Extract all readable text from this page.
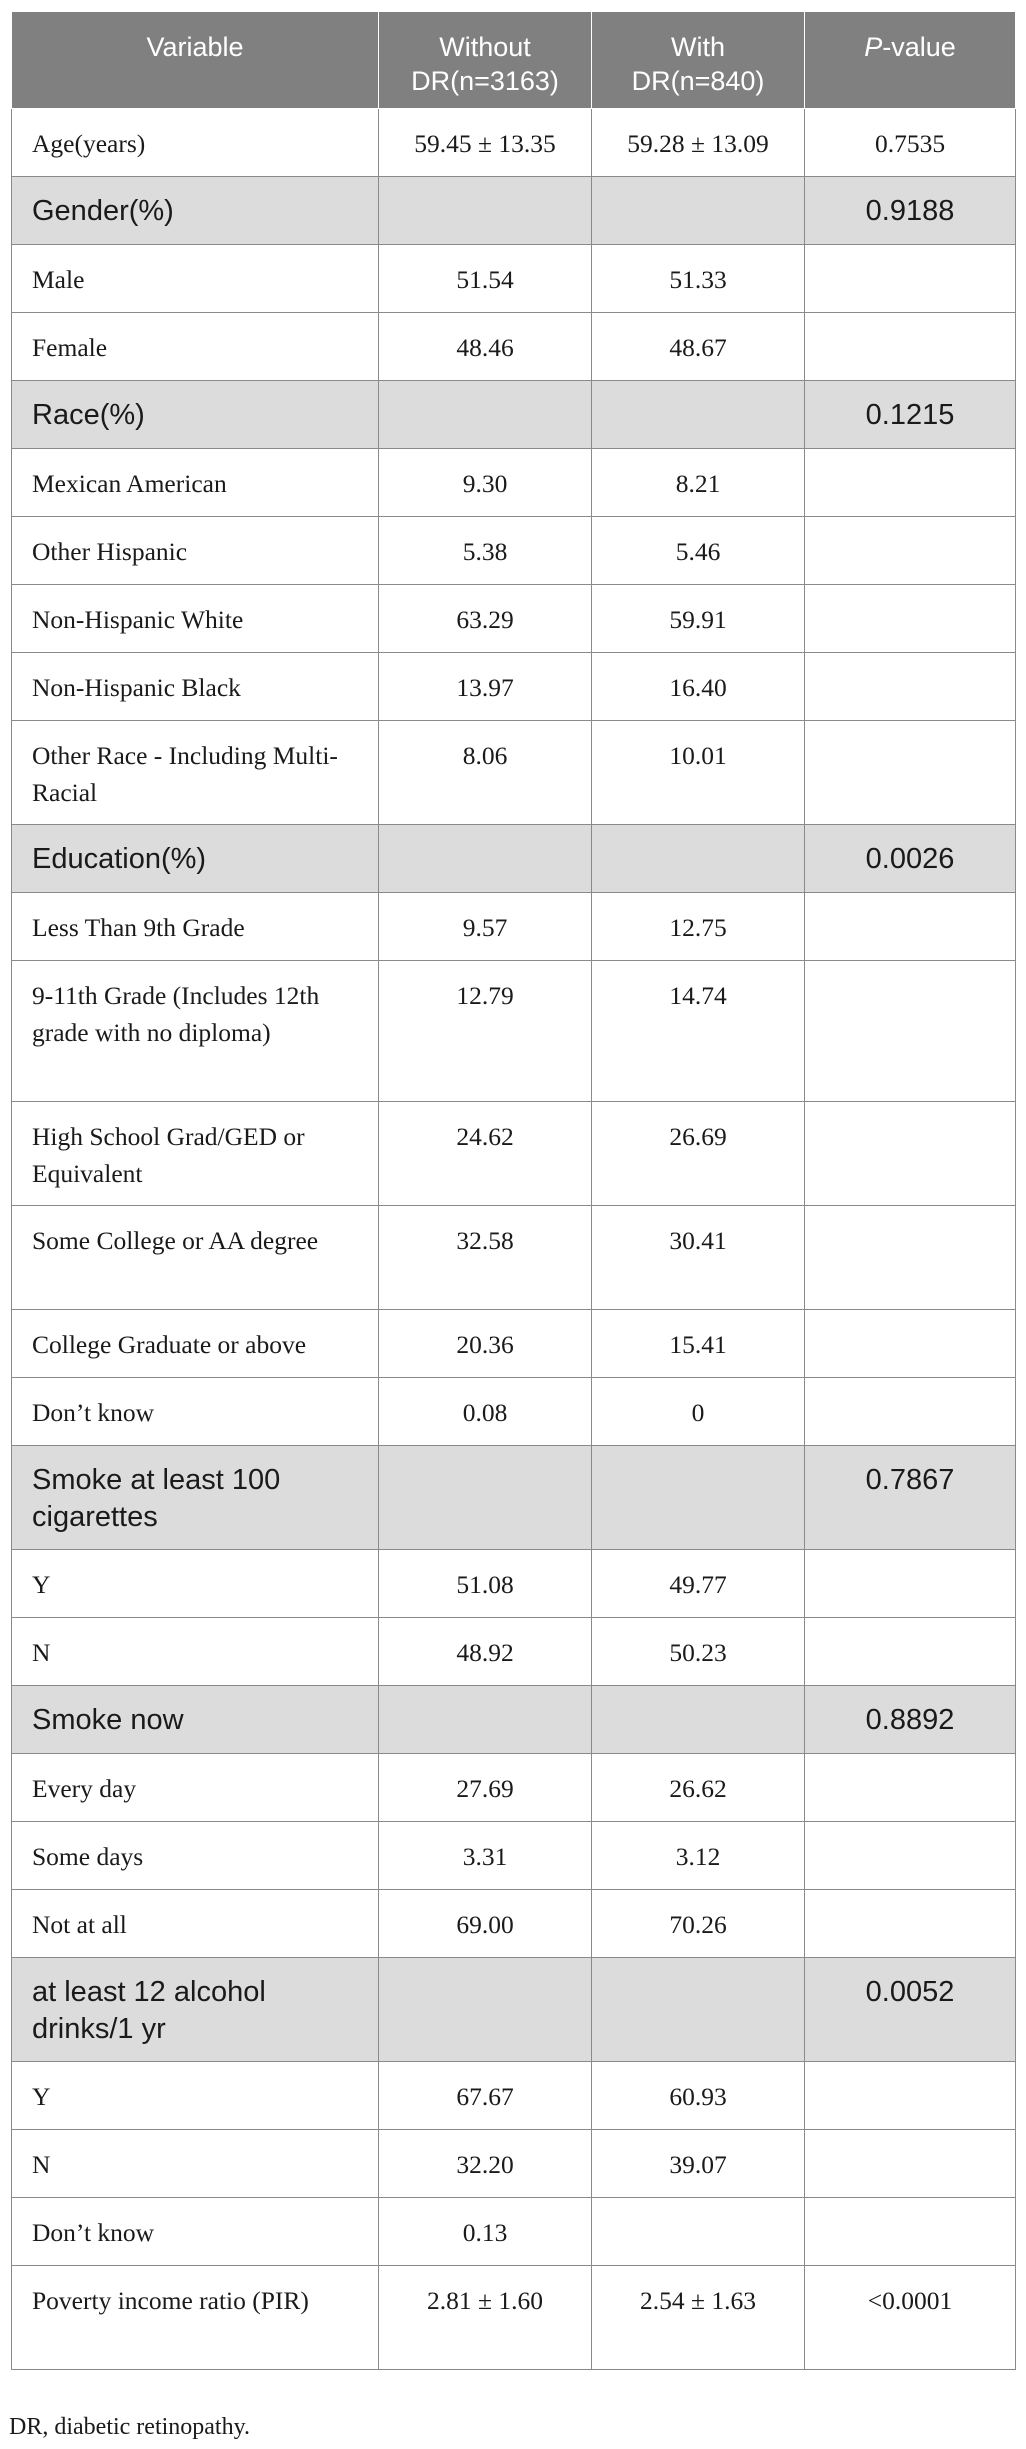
Variable	Without DR(n=3163)	With DR(n=840)	P-value
Age(years)	59.45 ± 13.35	59.28 ± 13.09	0.7535
Gender(%)			0.9188
Male	51.54	51.33	
Female	48.46	48.67	
Race(%)			0.1215
Mexican American	9.30	8.21	
Other Hispanic	5.38	5.46	
Non-Hispanic White	63.29	59.91	
Non-Hispanic Black	13.97	16.40	
Other Race - Including Multi-Racial	8.06	10.01	
Education(%)			0.0026
Less Than 9th Grade	9.57	12.75	
9-11th Grade (Includes 12th grade with no diploma)	12.79	14.74	
High School Grad/GED or Equivalent	24.62	26.69	
Some College or AA degree	32.58	30.41	
College Graduate or above	20.36	15.41	
Don’t know	0.08	0	
Smoke at least 100 cigarettes			0.7867
Y	51.08	49.77	
N	48.92	50.23	
Smoke now			0.8892
Every day	27.69	26.62	
Some days	3.31	3.12	
Not at all	69.00	70.26	
at least 12 alcohol drinks/1 yr			0.0052
Y	67.67	60.93	
N	32.20	39.07	
Don’t know	0.13		
Poverty income ratio (PIR)	2.81 ± 1.60	2.54 ± 1.63	<0.0001
DR, diabetic retinopathy.
